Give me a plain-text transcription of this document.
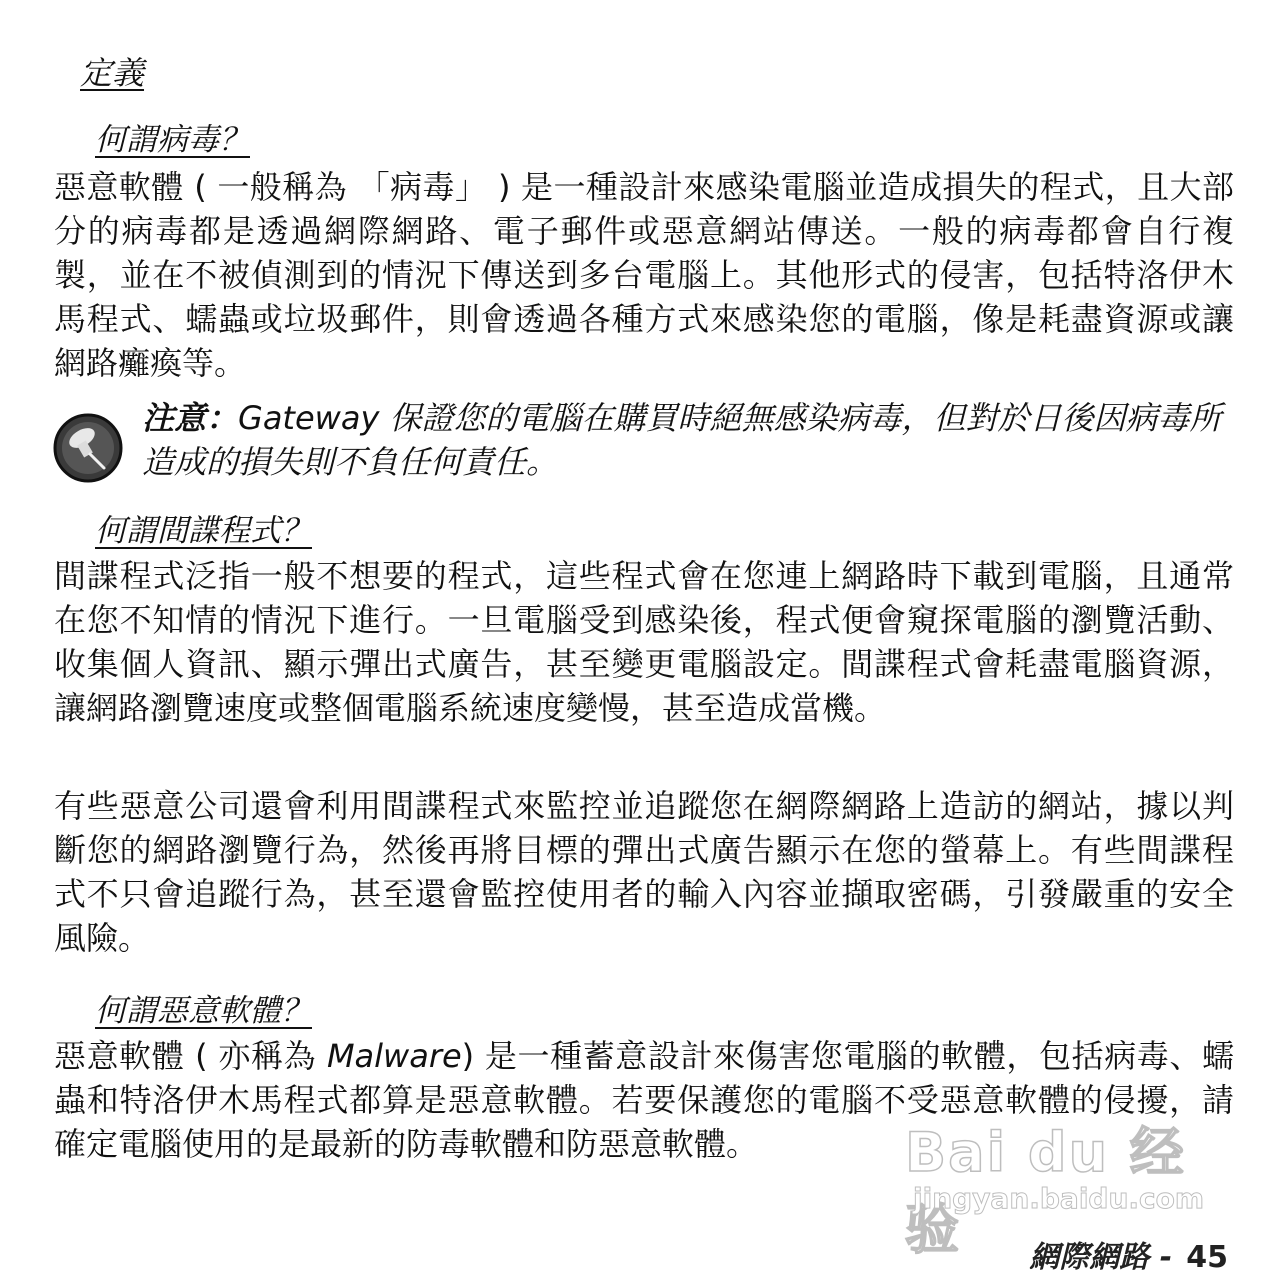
定義
何謂病毒？

惡意軟體 ( 一般稱為 「病毒」 ) 是一種設計來感染電腦並造成損失的程式，且大部分的病毒都是透過網際網路、電子郵件或惡意網站傳送。一般的病毒都會自行複製，並在不被偵測到的情況下傳送到多台電腦上。其他形式的侵害，包括特洛伊木馬程式、蠕蟲或垃圾郵件，則會透過各種方式來感染您的電腦，像是耗盡資源或讓網路癱瘓等。

注意：Gateway 保證您的電腦在購買時絕無感染病毒，但對於日後因病毒所造成的損失則不負任何責任。

何謂間諜程式？

間諜程式泛指一般不想要的程式，這些程式會在您連上網路時下載到電腦，且通常在您不知情的情況下進行。一旦電腦受到感染後，程式便會窺探電腦的瀏覽活動、收集個人資訊、顯示彈出式廣告，甚至變更電腦設定。間諜程式會耗盡電腦資源，讓網路瀏覽速度或整個電腦系統速度變慢，甚至造成當機。

有些惡意公司還會利用間諜程式來監控並追蹤您在網際網路上造訪的網站，據以判斷您的網路瀏覽行為，然後再將目標的彈出式廣告顯示在您的螢幕上。有些間諜程式不只會追蹤行為，甚至還會監控使用者的輸入內容並擷取密碼，引發嚴重的安全風險。

何謂惡意軟體？

惡意軟體 ( 亦稱為 Malware) 是一種蓄意設計來傷害您電腦的軟體，包括病毒、蠕蟲和特洛伊木馬程式都算是惡意軟體。若要保護您的電腦不受惡意軟體的侵擾，請確定電腦使用的是最新的防毒軟體和防惡意軟體。	Bai du 经验
jingyan.baidu.com
網際網路 - 45
